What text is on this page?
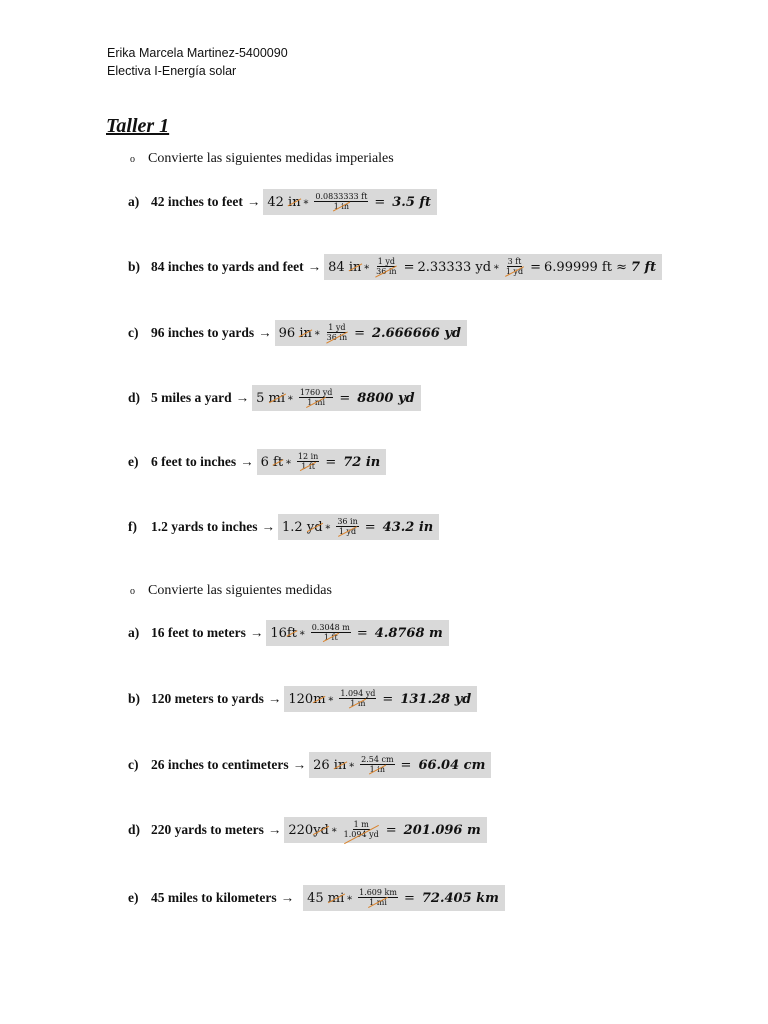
Erika Marcela Martinez-5400090
Electiva I-Energía solar
Taller 1
o Convierte las siguientes medidas imperiales
a) 42 inches to feet → 42
in ∗ $\frac{0.0833333 ft}{1 in} = 3.5$ ft
b) 84 inches to yards and feet → 84
in ∗ $\frac{1 yd}{36 in} = 2.33333$ yd ∗ $\frac{3 ft}{1 yd} = 6.99999$ ft ≈ 7 ft
c) 96 inches to yards → 96
in ∗ $\frac{1 yd}{36 in} = 2.666666$ yd
d) 5 miles a yard → 5
mi ∗ $\frac{1760 yd}{1 mi} = 8800$ yd
e) 6 feet to inches → 6
ft ∗ $\frac{12 in}{1 ft} = 72$ in
f)	1.2 yards to inches → 1.2
yd ∗ $\frac{36 in}{1 yd} = 43.2$ in
o Convierte las siguientes medidas
a) 16 feet to meters → 16 ft ∗ $\frac{0.3048 m}{1 ft} = 4.8768$ m
b) 120 meters to yards → 120 m ∗ $\frac{1.094 yd}{1 m} = 131.28$ yd
c) 26 inches to centimeters → 26
in ∗ $\frac{2.54 cm}{1 in} = 66.04$ cm
d) 220 yards to meters → 220 yd ∗ $\frac{1 m}{1.094 yd} = 201.096$ m
e) 45 miles to kilometers → 45
mi ∗ $\frac{1.609 km}{1 mi} = 72.405$ km
